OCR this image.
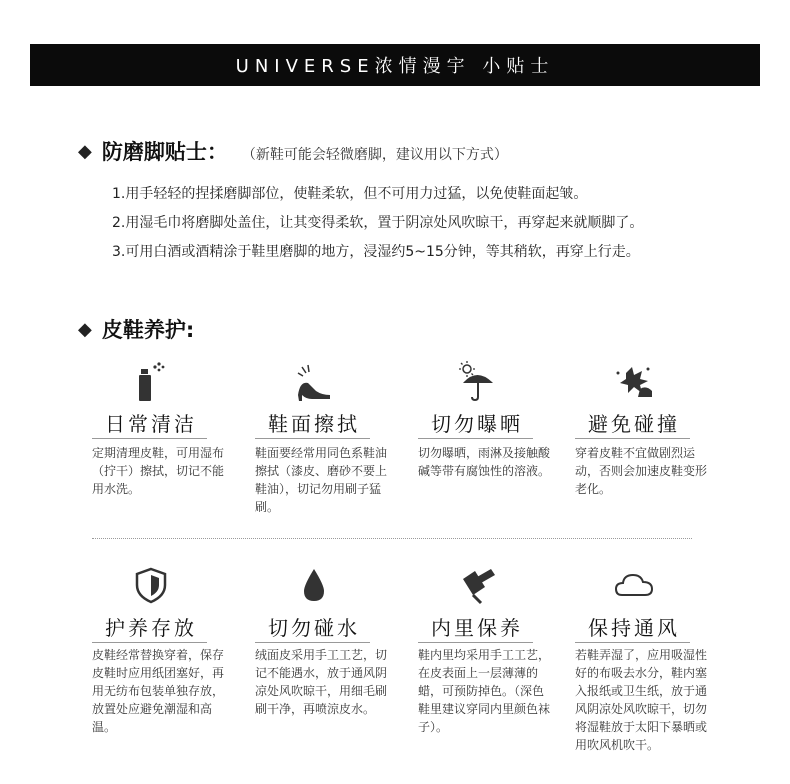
UNIVERSE浓情漫宇 小贴士
◆ 防磨脚贴士： （新鞋可能会轻微磨脚，建议用以下方式）
1.用手轻轻的捏揉磨脚部位，使鞋柔软，但不可用力过猛，以免使鞋面起皱。
2.用湿毛巾将磨脚处盖住，让其变得柔软，置于阴凉处风吹晾干，再穿起来就顺脚了。
3.可用白酒或酒精涂于鞋里磨脚的地方，浸湿约5~15分钟，等其稍软，再穿上行走。
◆ 皮鞋养护:
日常清洁
定期清理皮鞋，可用湿布（拧干）擦拭，切记不能用水洗。
鞋面擦拭
鞋面要经常用同色系鞋油擦拭（漆皮、磨砂不要上鞋油），切记勿用刷子猛刷。
切勿曝晒
切勿曝晒，雨淋及接触酸碱等带有腐蚀性的溶液。
避免碰撞
穿着皮鞋不宜做剧烈运动，否则会加速皮鞋变形老化。
护养存放
皮鞋经常替换穿着，保存皮鞋时应用纸团塞好，再用无纺布包装单独存放，放置处应避免潮湿和高温。
切勿碰水
绒面皮采用手工工艺，切记不能遇水，放于通风阴凉处风吹晾干，用细毛刷刷干净，再喷涼皮水。
内里保养
鞋内里均采用手工工艺，在皮表面上一层薄薄的蜡，可预防掉色。（深色鞋里建议穿同内里颜色袜子）。
保持通风
若鞋弄湿了，应用吸湿性好的布吸去水分，鞋内塞入报纸或卫生纸，放于通风阴凉处风吹晾干，切勿将湿鞋放于太阳下暴晒或用吹风机吹干。
